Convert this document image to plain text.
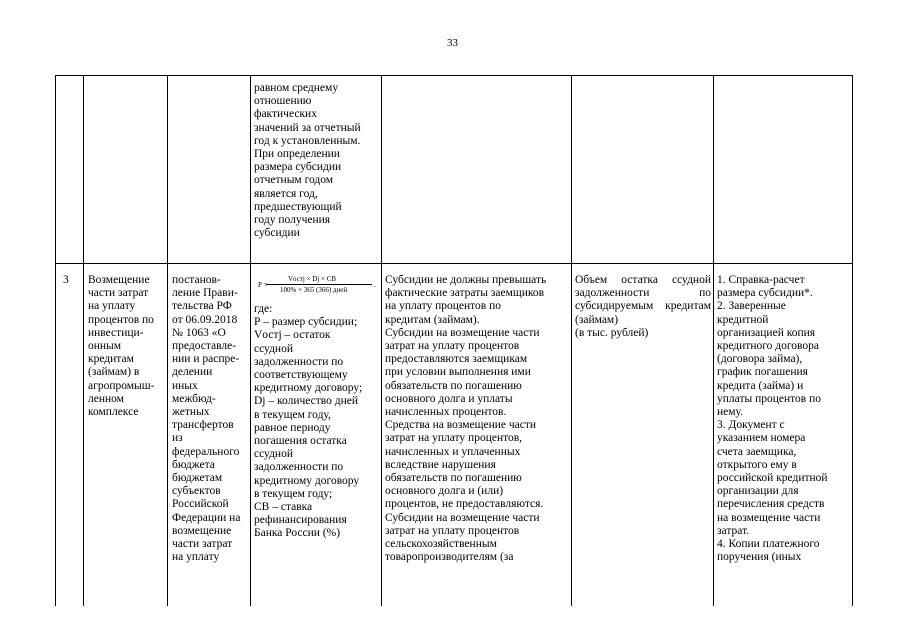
33
равном среднему
отношению
фактических
значений за отчетный
год к установленным.
При определении
размера субсидии
отчетным годом
является год,
предшествующий
году получения
субсидии
3	Возмещение
части затрат
на уплату
процентов по
инвестици-
онным
кредитам
(займам) в
агропромыш-
ленном
комплексе
постанов-
ление Прави-
тельства РФ
от 06.09.2018
№ 1063 «О
предоставле-
нии и распре-
делении
иных
межбюд-
жетных
трансфертов
из
федерального
бюджета
бюджетам
субъектов
Российской
Федерации на
возмещение
части затрат
на уплату
P =
Vостj × Dj × СВ
100% × 365 (366) дней
.
где:
Р – размер субсидии;
Vостj – остаток
ссудной
задолженности по
соответствующему
кредитному договору;
Dj – количество дней
в текущем году,
равное периоду
погашения остатка
ссудной
задолженности по
кредитному договору
в текущем году;
СВ – ставка
рефинансирования
Банка России (%)
Субсидии не должны превышать
фактические затраты заемщиков
на уплату процентов по
кредитам (займам).
Субсидии на возмещение части
затрат на уплату процентов
предоставляются заемщикам
при условии выполнения ими
обязательств по погашению
основного долга и уплаты
начисленных процентов.
Средства на возмещение части
затрат на уплату процентов,
начисленных и уплаченных
вследствие нарушения
обязательств по погашению
основного долга и (или)
процентов, не предоставляются.
Субсидии на возмещение части
затрат на уплату процентов
сельскохозяйственным
товаропроизводителям (за
Объем остатка ссудной задолженности по субсидируемым кредитам (займам)
(в тыс. рублей)
1. Справка-расчет
размера субсидии*.
2. Заверенные
кредитной
организацией копия
кредитного договора
(договора займа),
график погашения
кредита (займа) и
уплаты процентов по
нему.
3. Документ с
указанием номера
счета заемщика,
открытого ему в
российской кредитной
организации для
перечисления средств
на возмещение части
затрат.
4. Копии платежного
поручения (иных
